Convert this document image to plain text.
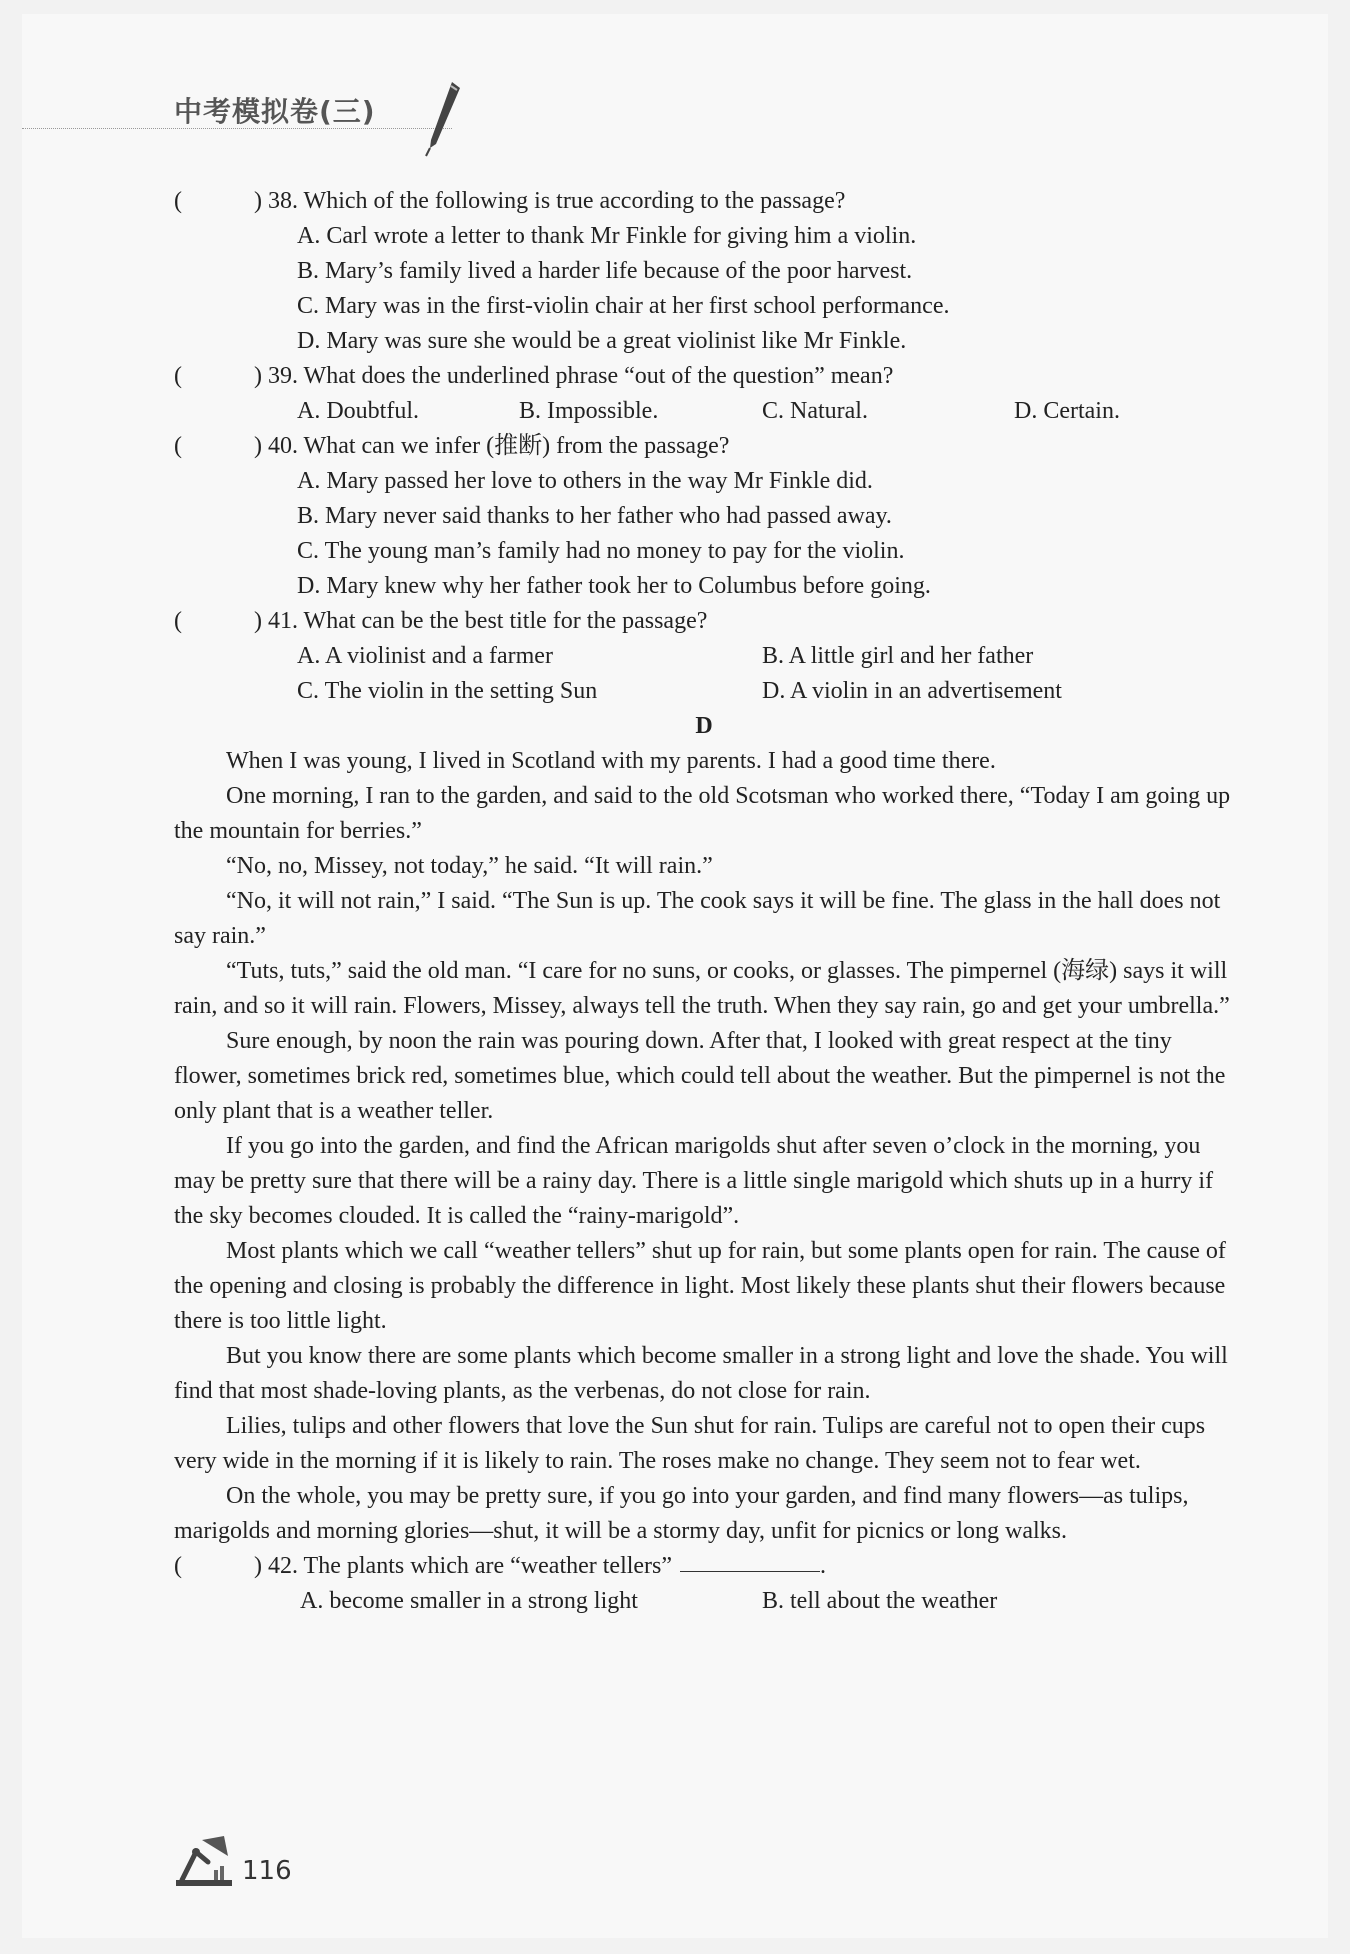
中考模拟卷(三)
(	) 38. Which of the following is true according to the passage?
A. Carl wrote a letter to thank Mr Finkle for giving him a violin.
B. Mary’s family lived a harder life because of the poor harvest.
C. Mary was in the first-violin chair at her first school performance.
D. Mary was sure she would be a great violinist like Mr Finkle.
(	) 39. What does the underlined phrase “out of the question” mean?
A. Doubtful.	B. Impossible.	C. Natural.	D. Certain.
(	) 40. What can we infer (推断) from the passage?
A. Mary passed her love to others in the way Mr Finkle did.
B. Mary never said thanks to her father who had passed away.
C. The young man’s family had no money to pay for the violin.
D. Mary knew why her father took her to Columbus before going.
(	) 41. What can be the best title for the passage?
A. A violinist and a farmer	B. A little girl and her father
C. The violin in the setting Sun	D. A violin in an advertisement
D

When I was young, I lived in Scotland with my parents. I had a good time there.

One morning, I ran to the garden, and said to the old Scotsman who worked there, “Today I am going up the mountain for berries.”

“No, no, Missey, not today,” he said. “It will rain.”

“No, it will not rain,” I said. “The Sun is up. The cook says it will be fine. The glass in the hall does not say rain.”

“Tuts, tuts,” said the old man. “I care for no suns, or cooks, or glasses. The pimpernel (海绿) says it will rain, and so it will rain. Flowers, Missey, always tell the truth. When they say rain, go and get your umbrella.”

Sure enough, by noon the rain was pouring down. After that, I looked with great respect at the tiny flower, sometimes brick red, sometimes blue, which could tell about the weather. But the pimpernel is not the only plant that is a weather teller.

If you go into the garden, and find the African marigolds shut after seven o’clock in the morning, you may be pretty sure that there will be a rainy day. There is a little single marigold which shuts up in a hurry if the sky becomes clouded. It is called the “rainy-marigold”.

Most plants which we call “weather tellers” shut up for rain, but some plants open for rain. The cause of the opening and closing is probably the difference in light. Most likely these plants shut their flowers because there is too little light.

But you know there are some plants which become smaller in a strong light and love the shade. You will find that most shade-loving plants, as the verbenas, do not close for rain.

Lilies, tulips and other flowers that love the Sun shut for rain. Tulips are careful not to open their cups very wide in the morning if it is likely to rain. The roses make no change. They seem not to fear wet.

On the whole, you may be pretty sure, if you go into your garden, and find many flowers—as tulips, marigolds and morning glories—shut, it will be a stormy day, unfit for picnics or long walks.

(	) 42. The plants which are “weather tellers”	.
A. become smaller in a strong light	B. tell about the weather
116
